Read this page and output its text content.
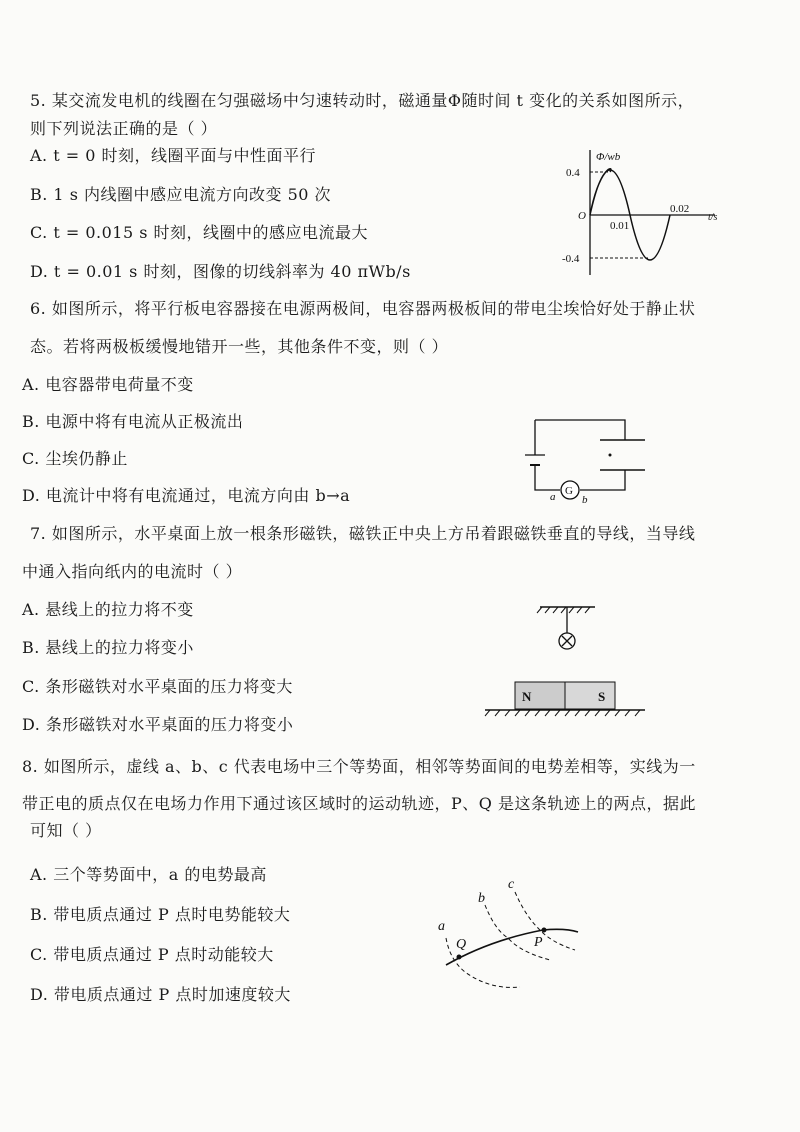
5. 某交流发电机的线圈在匀强磁场中匀速转动时，磁通量Φ随时间 t 变化的关系如图所示，
则下列说法正确的是（ ）
A. t = 0 时刻，线圈平面与中性面平行
B. 1 s 内线圈中感应电流方向改变 50 次
C. t = 0.015 s 时刻，线圈中的感应电流最大
D. t = 0.01 s 时刻，图像的切线斜率为 40 πWb/s
Φ/wb
0.4
-0.4
O
0.01
0.02
t/s
6. 如图所示，将平行板电容器接在电源两极间，电容器两极板间的带电尘埃恰好处于静止状
态。若将两极板缓慢地错开一些，其他条件不变，则（ ）
A. 电容器带电荷量不变
B. 电源中将有电流从正极流出
C. 尘埃仍静止
D. 电流计中将有电流通过，电流方向由 b→a	G
a b
7. 如图所示，水平桌面上放一根条形磁铁，磁铁正中央上方吊着跟磁铁垂直的导线，当导线
中通入指向纸内的电流时（ ）
A. 悬线上的拉力将不变
B. 悬线上的拉力将变小
C. 条形磁铁对水平桌面的压力将变大
D. 条形磁铁对水平桌面的压力将变小
N	S
8. 如图所示，虚线 a、b、c 代表电场中三个等势面，相邻等势面间的电势差相等，实线为一
带正电的质点仅在电场力作用下通过该区域时的运动轨迹，P、Q 是这条轨迹上的两点，据此
可知（ ）
A. 三个等势面中，a 的电势最高
B. 带电质点通过 P 点时电势能较大
C. 带电质点通过 P 点时动能较大
D. 带电质点通过 P 点时加速度较大
a
b
c
Q	P
